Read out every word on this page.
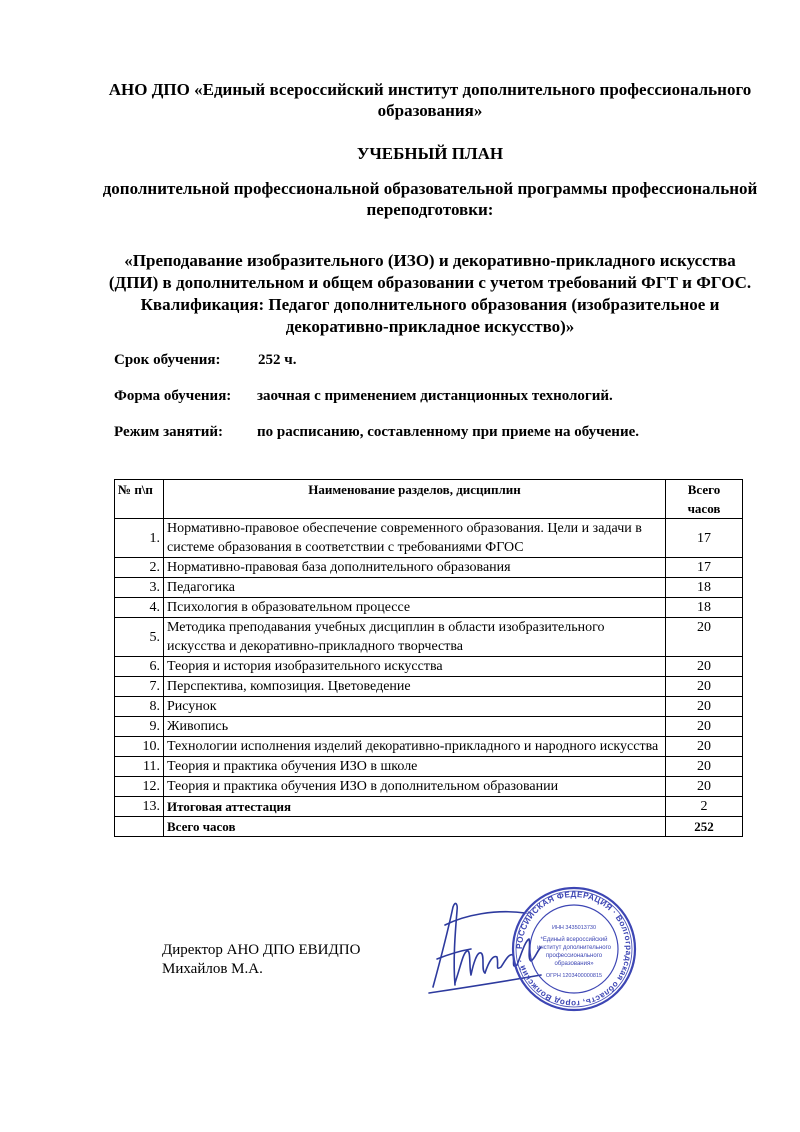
АНО ДПО «Единый всероссийский институт дополнительного профессионального образования»
УЧЕБНЫЙ ПЛАН
дополнительной профессиональной образовательной программы профессиональной переподготовки:
«Преподавание изобразительного (ИЗО) и декоративно-прикладного искусства (ДПИ) в дополнительном и общем образовании с учетом требований ФГТ и ФГОС. Квалификация: Педагог дополнительного образования (изобразительное и декоративно-прикладное искусство)»
Срок обучения: 252 ч.
Форма обучения: заочная с применением дистанционных технологий.
Режим занятий: по расписанию, составленному при приеме на обучение.
№ п\п	Наименование разделов, дисциплин	Всего
часов
1.	Нормативно-правовое обеспечение современного образования. Цели и задачи в системе образования в соответствии с требованиями ФГОС	17
2.	Нормативно-правовая база дополнительного образования	17
3.	Педагогика	18
4.	Психология в образовательном процессе	18
5.	Методика преподавания учебных дисциплин в области изобразительного искусства и декоративно-прикладного творчества	20
6.	Теория и история изобразительного искусства	20
7.	Перспектива, композиция. Цветоведение	20
8.	Рисунок	20
9.	Живопись	20
10.	Технологии исполнения изделий декоративно-прикладного и народного искусства	20
11.	Теория и практика обучения ИЗО в школе	20
12.	Теория и практика обучения ИЗО в дополнительном образовании	20
13.	Итоговая аттестация	2
	Всего часов	252
Директор АНО ДПО ЕВИДПО
Михайлов М.А.
РОССИЙСКАЯ ФЕДЕРАЦИЯ · Волгоградская область, город Волжский ·
ИНН 3435013730
*Единый всероссийский
институт дополнительного
профессионального
образования»
ОГРН 1203400000815
